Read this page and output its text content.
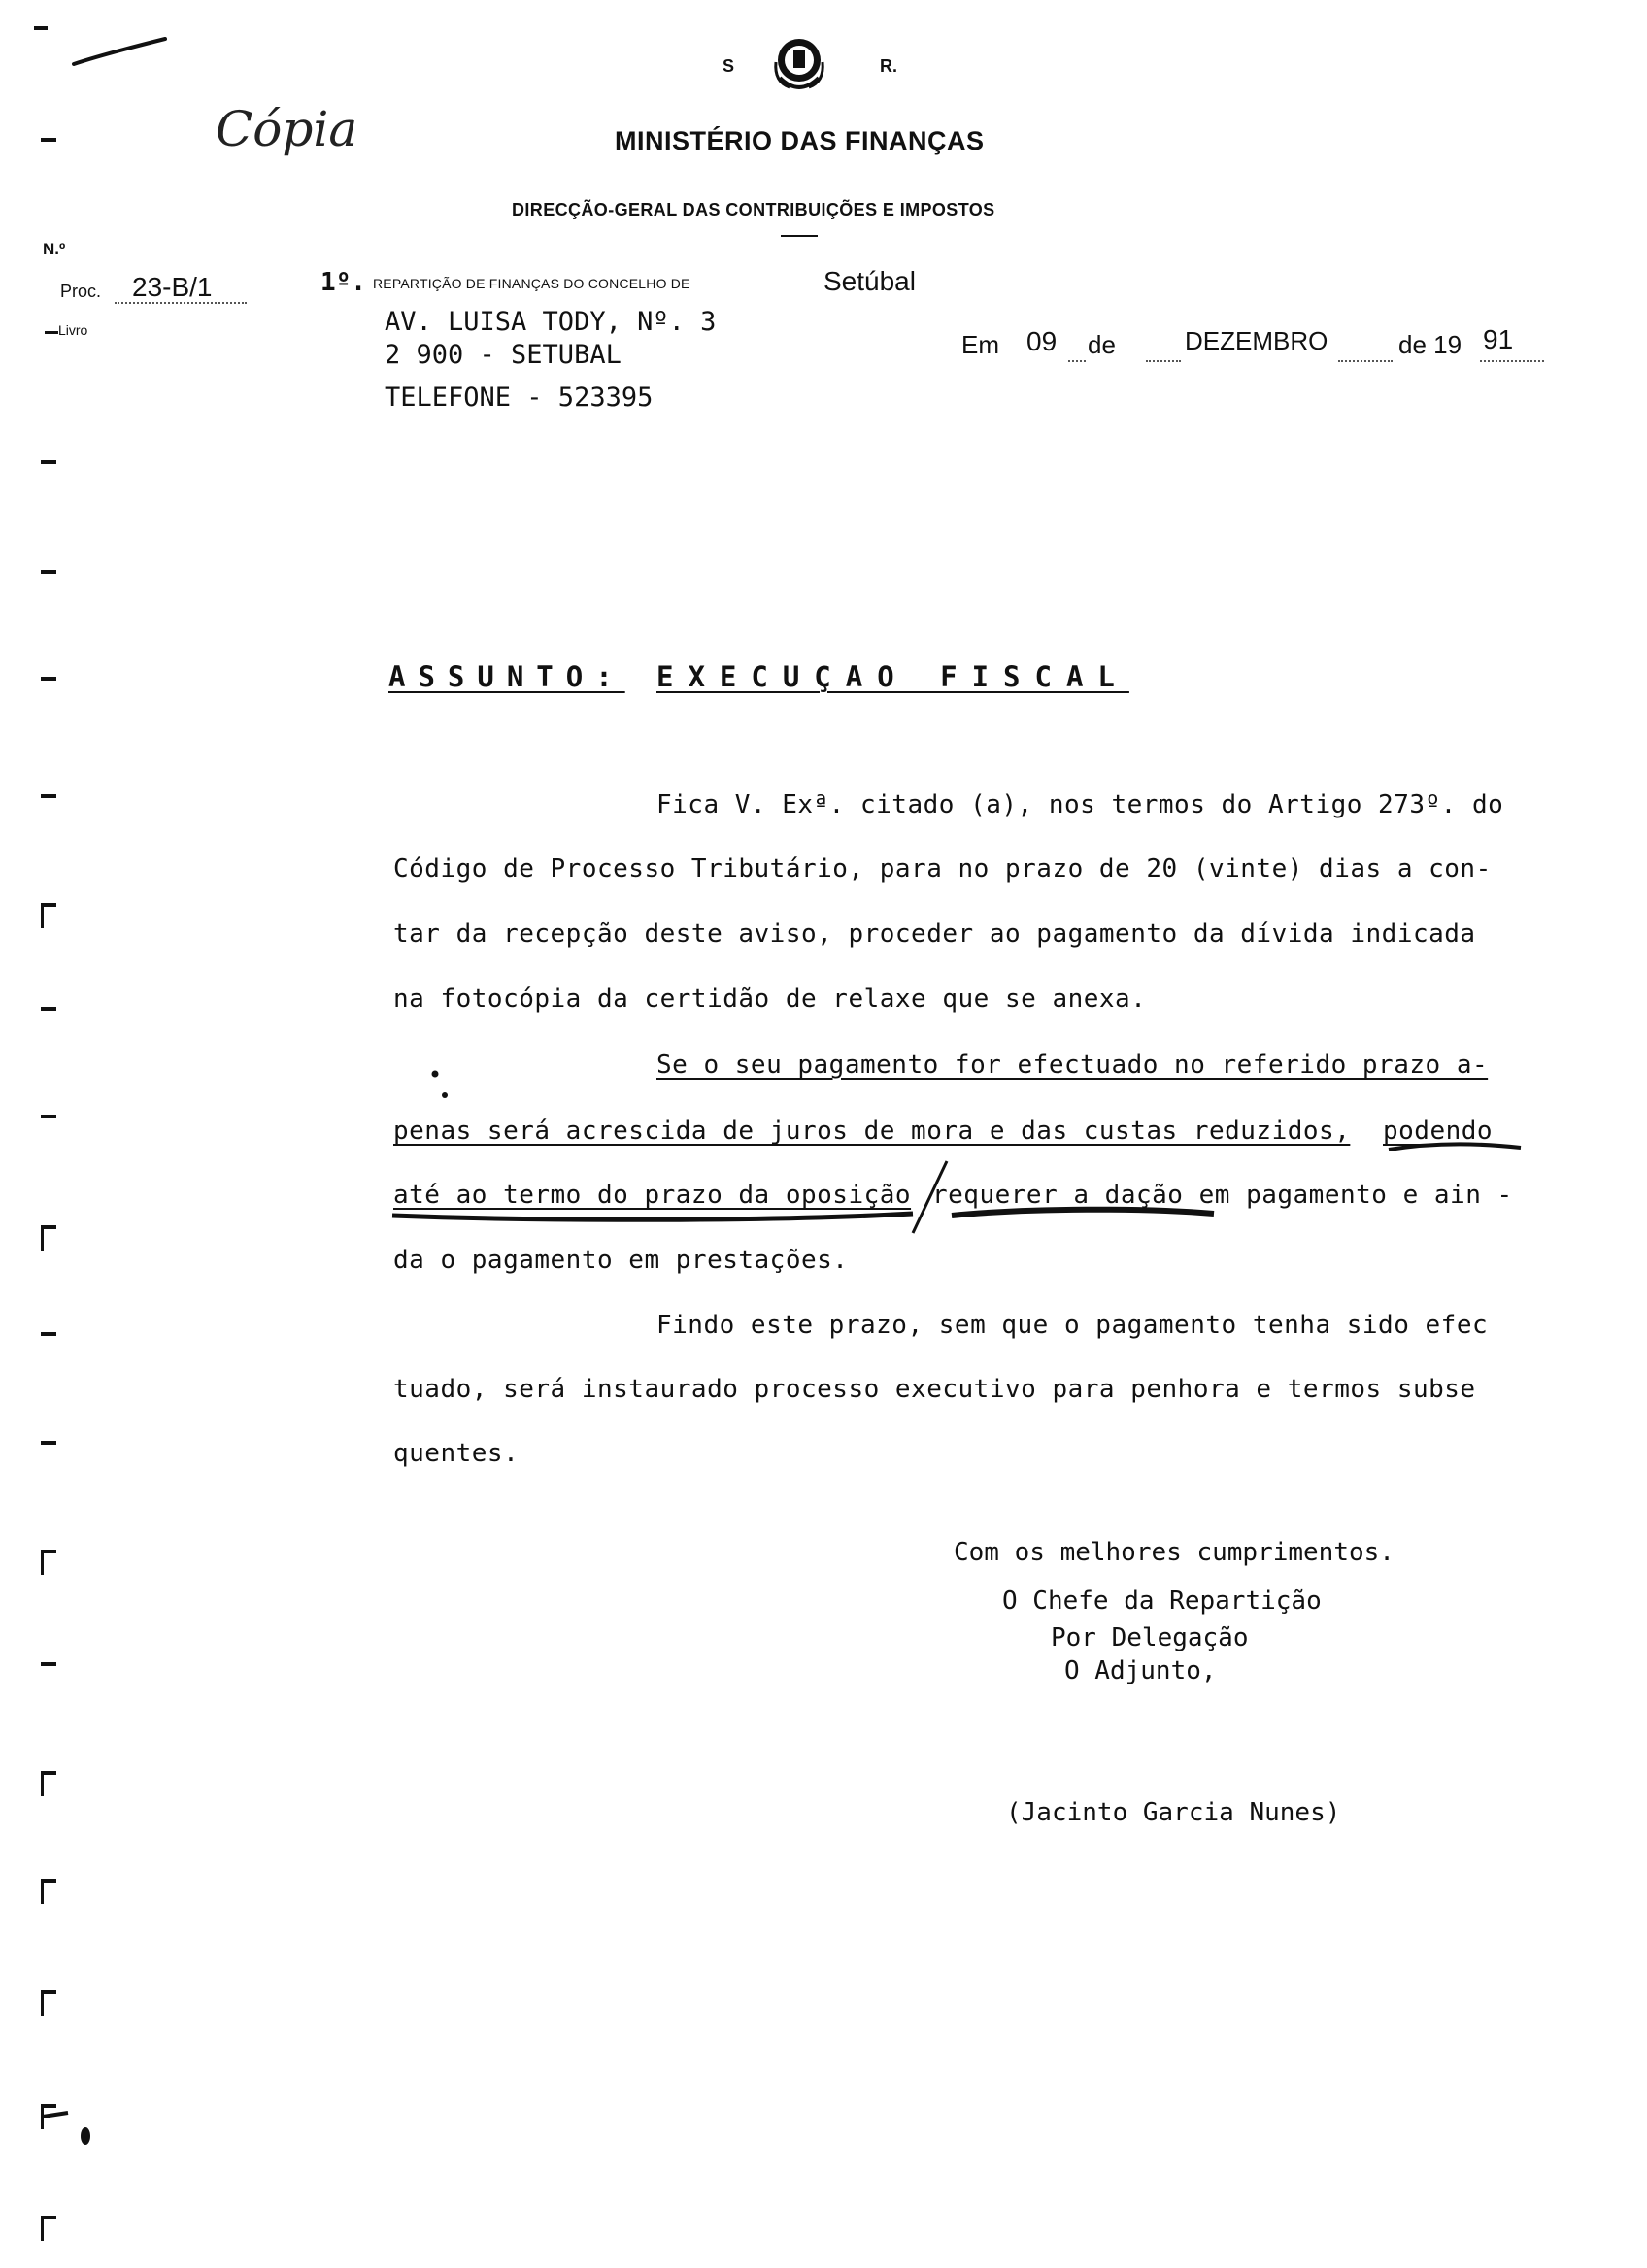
Cópia
S	R.
MINISTÉRIO DAS FINANÇAS
DIRECÇÃO-GERAL DAS CONTRIBUIÇÕES E IMPOSTOS
N.º
Proc. 23-B/1
Livro
1º. REPARTIÇÃO DE FINANÇAS DO CONCELHO DE	Setúbal
AV. LUISA TODY, Nº. 3
2 900 - SETUBAL
TELEFONE - 523395
Em 09 de	DEZEMBRO	de 19 91
ASSUNTO: EXECUÇAO FISCAL
Fica V. Exª. citado (a), nos termos do Artigo 273º. do
Código de Processo Tributário, para no prazo de 20 (vinte) dias a con-
tar da recepção deste aviso, proceder ao pagamento da dívida indicada
na fotocópia da certidão de relaxe que se anexa.
Se o seu pagamento for efectuado no referido prazo a-
penas será acrescida de juros de mora e das custas reduzidos, podendo
até ao termo do prazo da oposição requerer a dação em pagamento e ain -
da o pagamento em prestações.
Findo este prazo, sem que o pagamento tenha sido efec
tuado, será instaurado processo executivo para penhora e termos subse
quentes.
Com os melhores cumprimentos.
O Chefe da Repartição
Por Delegação
O Adjunto,
(Jacinto Garcia Nunes)
